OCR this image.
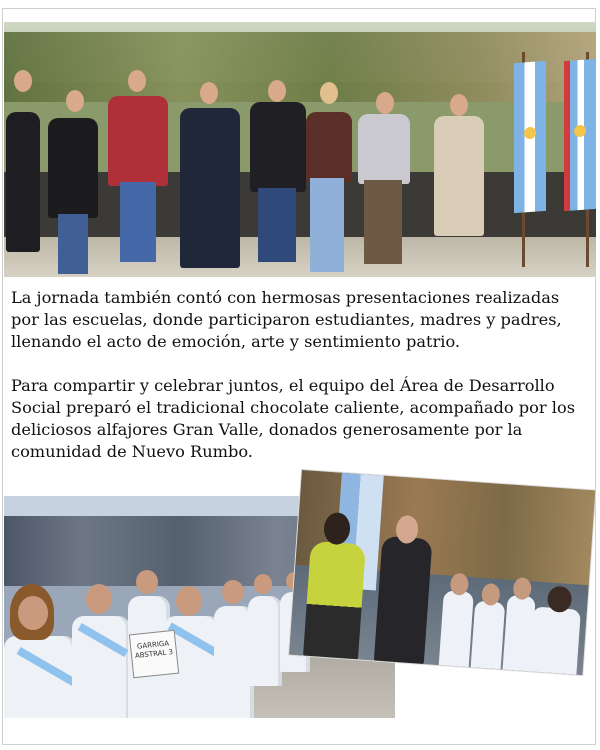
La jornada también contó con hermosas presentaciones realizadas por las escuelas, donde participaron estudiantes, madres y padres, llenando el acto de emoción, arte y sentimiento patrio.

Para compartir y celebrar juntos, el equipo del Área de Desarrollo Social preparó el tradicional chocolate caliente, acompañado por los deliciosos alfajores Gran Valle, donados generosamente por la comunidad de Nuevo Rumbo.

GARRIGA ABSTRAL 3
